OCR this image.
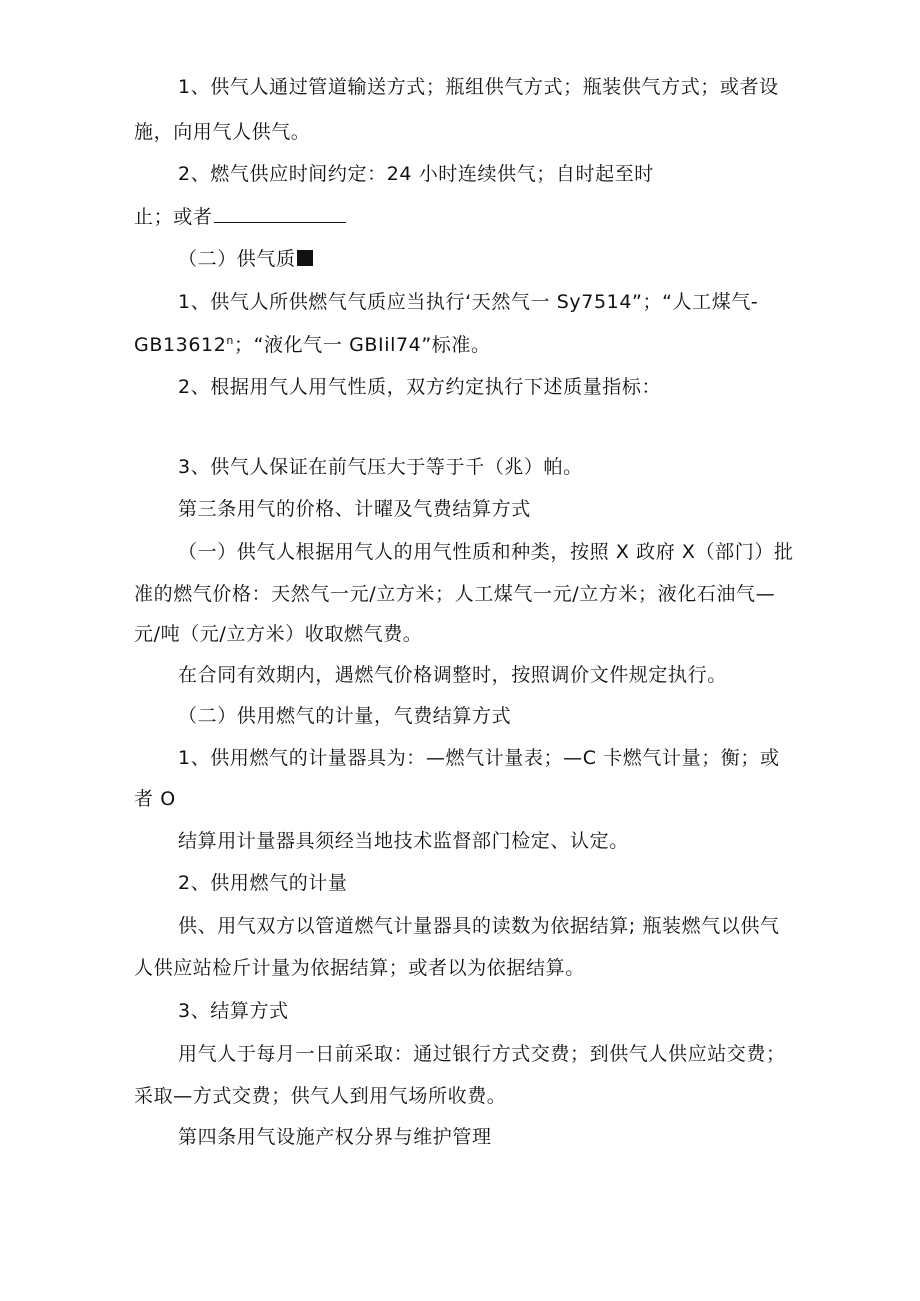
1、供气人通过管道输送方式；瓶组供气方式；瓶装供气方式；或者设
施，向用气人供气。
2、燃气供应时间约定：24 小时连续供气；自时起至时
止；或者
（二）供气质
1、供气人所供燃气气质应当执行‘天然气一 Sy7514”；“人工煤气-
GB13612$^n$；“液化气一 GBIil74”标准。
2、根据用气人用气性质，双方约定执行下述质量指标：
3、供气人保证在前气压大于等于千（兆）帕。
第三条用气的价格、计曜及气费结算方式
（一）供气人根据用气人的用气性质和种类，按照 X 政府 X（部门）批
准的燃气价格：天然气一元/立方米；人工煤气一元/立方米；液化石油气—
元/吨（元/立方米）收取燃气费。
在合同有效期内，遇燃气价格调整时，按照调价文件规定执行。
（二）供用燃气的计量，气费结算方式
1、供用燃气的计量器具为：—燃气计量表；—C 卡燃气计量；衡；或
者 O
结算用计量器具须经当地技术监督部门检定、认定。
2、供用燃气的计量
供、用气双方以管道燃气计量器具的读数为依据结算; 瓶装燃气以供气
人供应站检斤计量为依据结算；或者以为依据结算。
3、结算方式
用气人于每月一日前采取：通过银行方式交费；到供气人供应站交费；
采取—方式交费；供气人到用气场所收费。
第四条用气设施产权分界与维护管理
